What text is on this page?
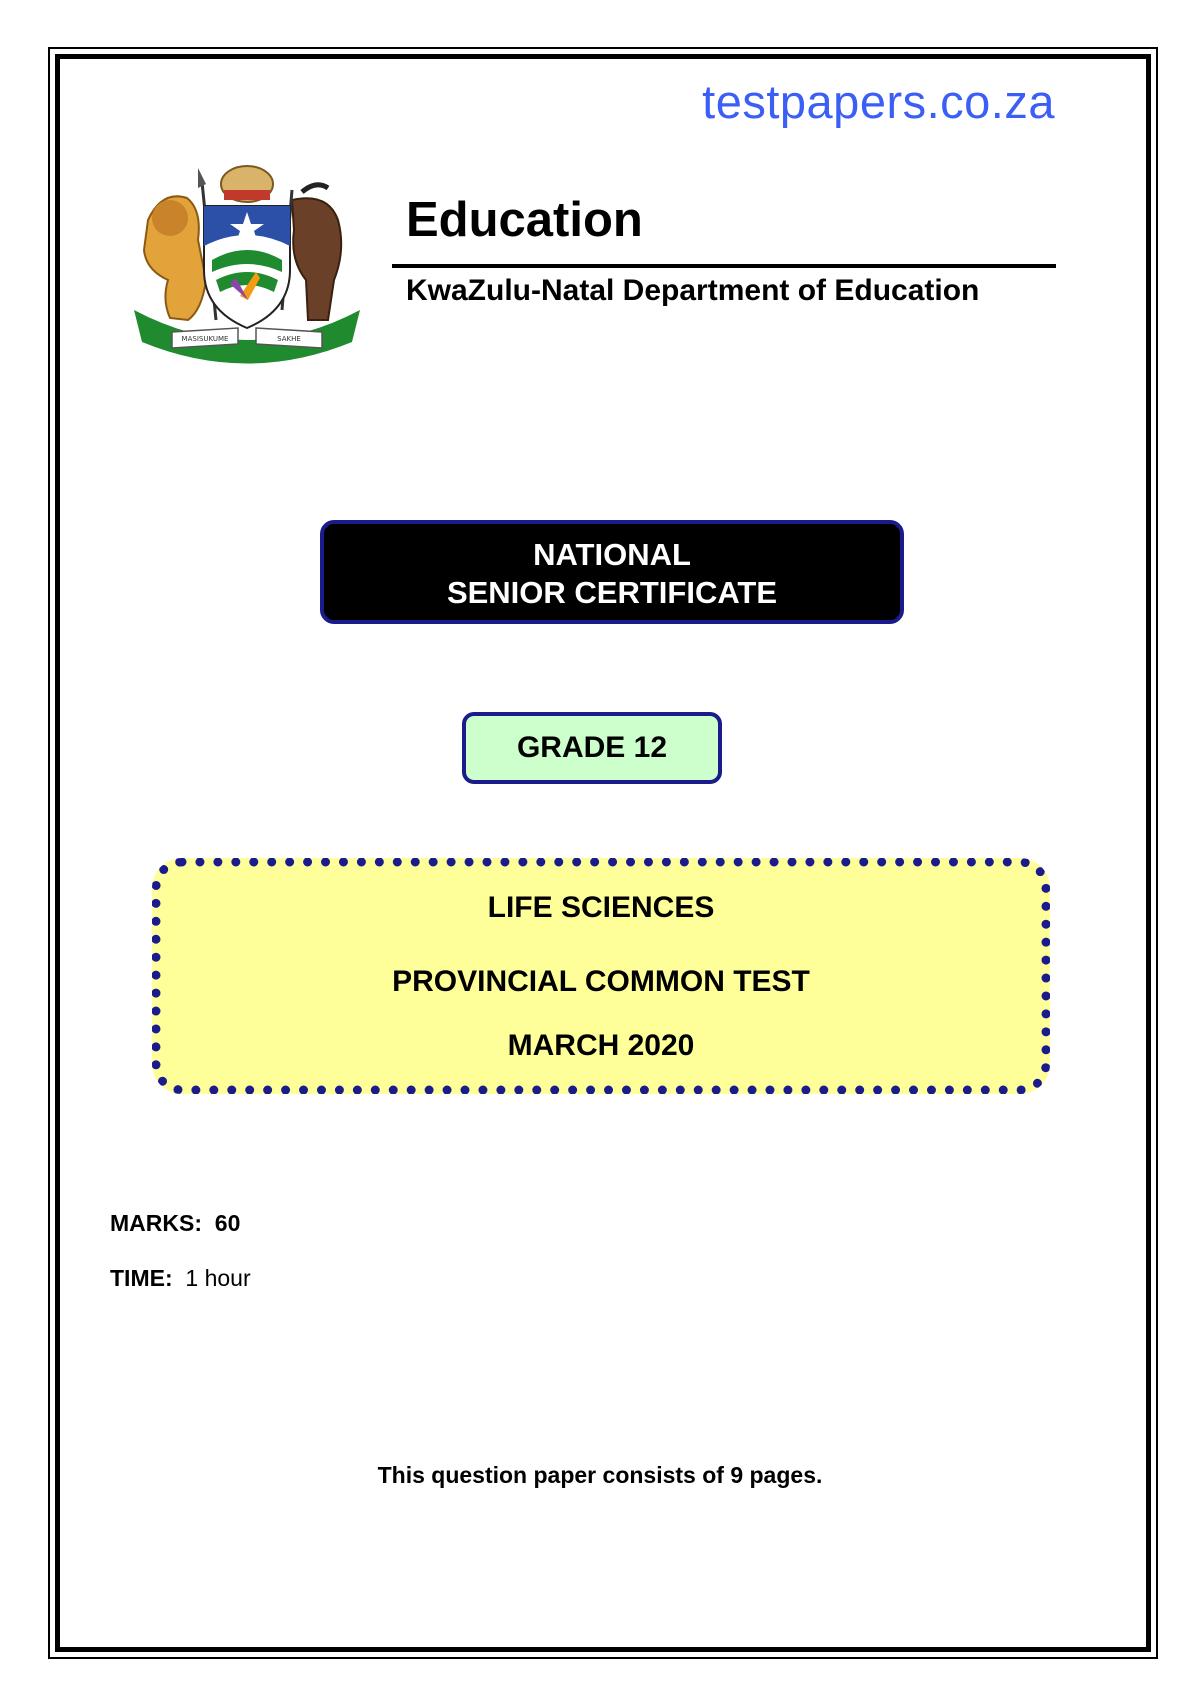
testpapers.co.za
MASISUKUME	SAKHE
Education
KwaZulu-Natal Department of Education
NATIONAL
SENIOR CERTIFICATE
GRADE 12
LIFE SCIENCES
PROVINCIAL COMMON TEST
MARCH 2020
MARKS: 60
TIME: 1 hour
This question paper consists of 9 pages.
